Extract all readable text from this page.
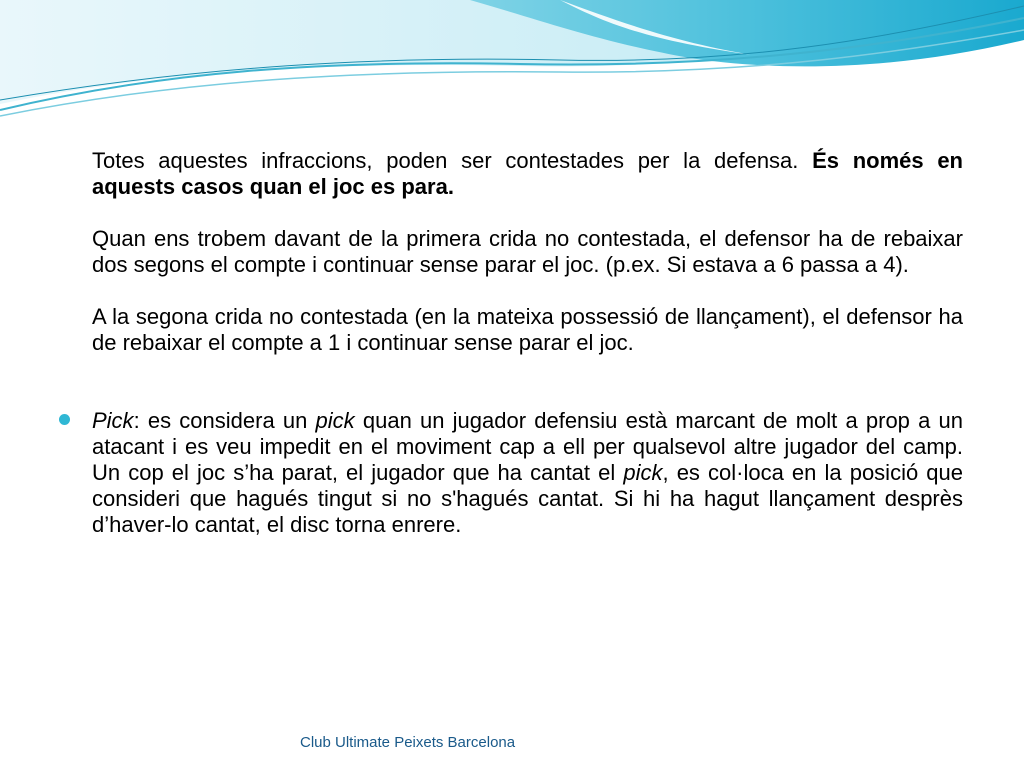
Totes aquestes infraccions, poden ser contestades per la defensa. És només en aquests casos quan el joc es para.

Quan ens trobem davant de la primera crida no contestada, el defensor ha de rebaixar dos segons el compte i continuar sense parar el joc. (p.ex. Si estava a 6 passa a 4).

A la segona crida no contestada (en la mateixa possessió de llançament), el defensor ha de rebaixar el compte a 1 i continuar sense parar el joc.

Pick: es considera un pick quan un jugador defensiu està marcant de molt a prop a un atacant i es veu impedit en el moviment cap a ell per qualsevol altre jugador del camp. Un cop el joc s’ha parat, el jugador que ha cantat el pick, es col·loca en la posició que consideri que hagués tingut si no s'hagués cantat. Si hi ha hagut llançament desprès d’haver-lo cantat, el disc torna enrere.

Club Ultimate Peixets Barcelona
